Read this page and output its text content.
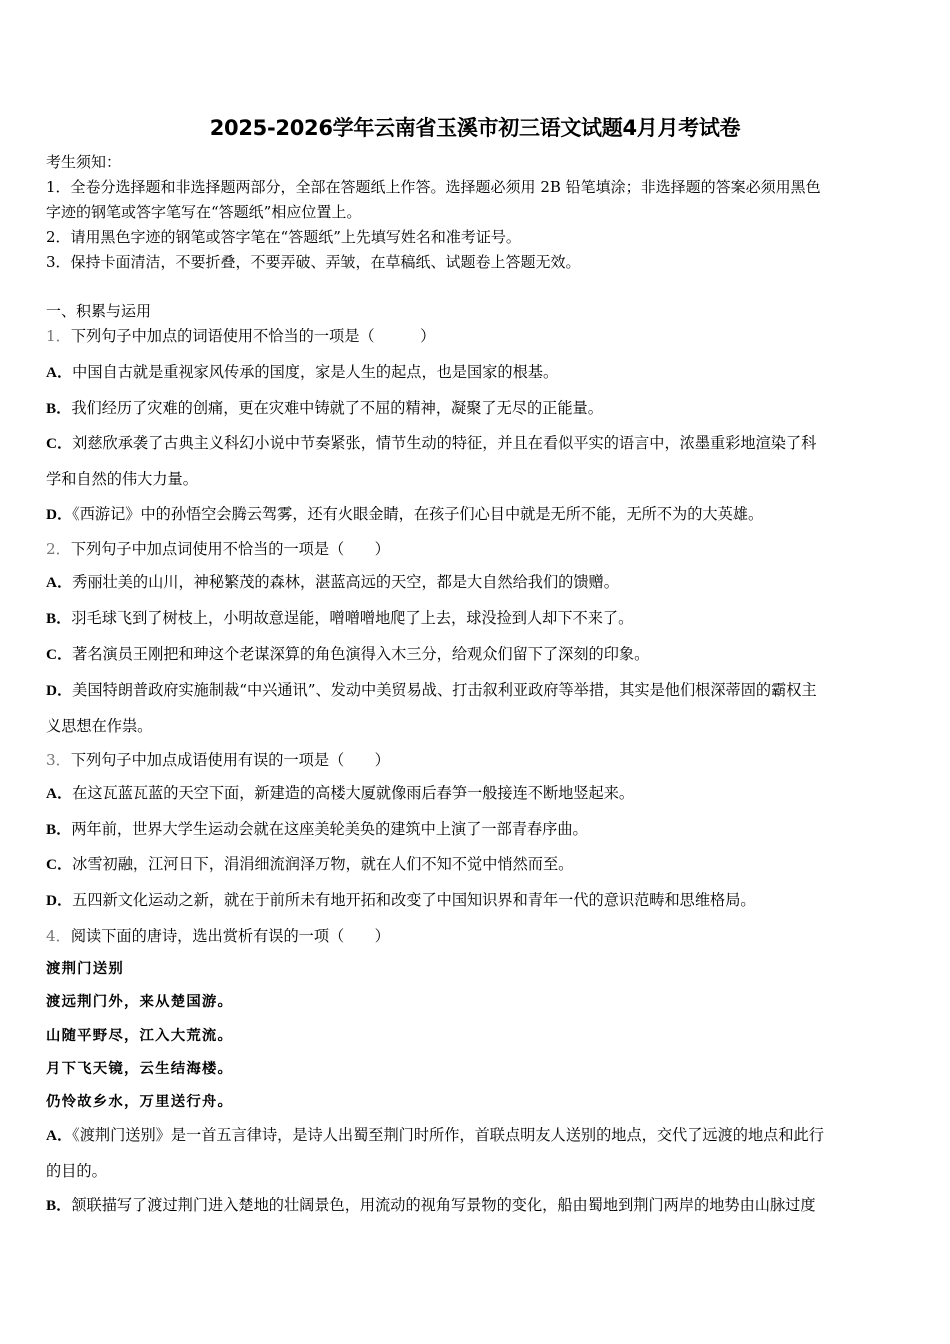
2025-2026学年云南省玉溪市初三语文试题4月月考试卷
考生须知：
1．全卷分选择题和非选择题两部分，全部在答题纸上作答。选择题必须用 2B 铅笔填涂；非选择题的答案必须用黑色
字迹的钢笔或答字笔写在“答题纸”相应位置上。
2．请用黑色字迹的钢笔或答字笔在“答题纸”上先填写姓名和准考证号。
3．保持卡面清洁，不要折叠，不要弄破、弄皱，在草稿纸、试题卷上答题无效。
一、积累与运用
1．下列句子中加点的词语使用不恰当的一项是（　　　）
A．中国自古就是重视家风传承的国度，家是人生的起点，也是国家的根基。
B．我们经历了灾难的创痛，更在灾难中铸就了不屈的精神，凝聚了无尽的正能量。
C．刘慈欣承袭了古典主义科幻小说中节奏紧张，情节生动的特征，并且在看似平实的语言中，浓墨重彩地渲染了科
学和自然的伟大力量。
D．《西游记》中的孙悟空会腾云驾雾，还有火眼金睛，在孩子们心目中就是无所不能，无所不为的大英雄。
2．下列句子中加点词使用不恰当的一项是（　　）
A．秀丽壮美的山川，神秘繁茂的森林，湛蓝高远的天空，都是大自然给我们的馈赠。
B．羽毛球飞到了树枝上，小明故意逞能，噌噌噌地爬了上去，球没捡到人却下不来了。
C．著名演员王刚把和珅这个老谋深算的角色演得入木三分，给观众们留下了深刻的印象。
D．美国特朗普政府实施制裁“中兴通讯”、发动中美贸易战、打击叙利亚政府等举措，其实是他们根深蒂固的霸权主
义思想在作祟。
3．下列句子中加点成语使用有误的一项是（　　）
A．在这瓦蓝瓦蓝的天空下面，新建造的高楼大厦就像雨后春笋一般接连不断地竖起来。
B．两年前，世界大学生运动会就在这座美轮美奂的建筑中上演了一部青春序曲。
C．冰雪初融，江河日下，涓涓细流润泽万物，就在人们不知不觉中悄然而至。
D．五四新文化运动之新，就在于前所未有地开拓和改变了中国知识界和青年一代的意识范畴和思维格局。
4．阅读下面的唐诗，选出赏析有误的一项（　　）
渡荆门送别
渡远荆门外，来从楚国游。
山随平野尽，江入大荒流。
月下飞天镜，云生结海楼。
仍怜故乡水，万里送行舟。
A．《渡荆门送别》是一首五言律诗，是诗人出蜀至荆门时所作，首联点明友人送别的地点，交代了远渡的地点和此行
的目的。
B．颔联描写了渡过荆门进入楚地的壮阔景色，用流动的视角写景物的变化，船由蜀地到荆门两岸的地势由山脉过度
